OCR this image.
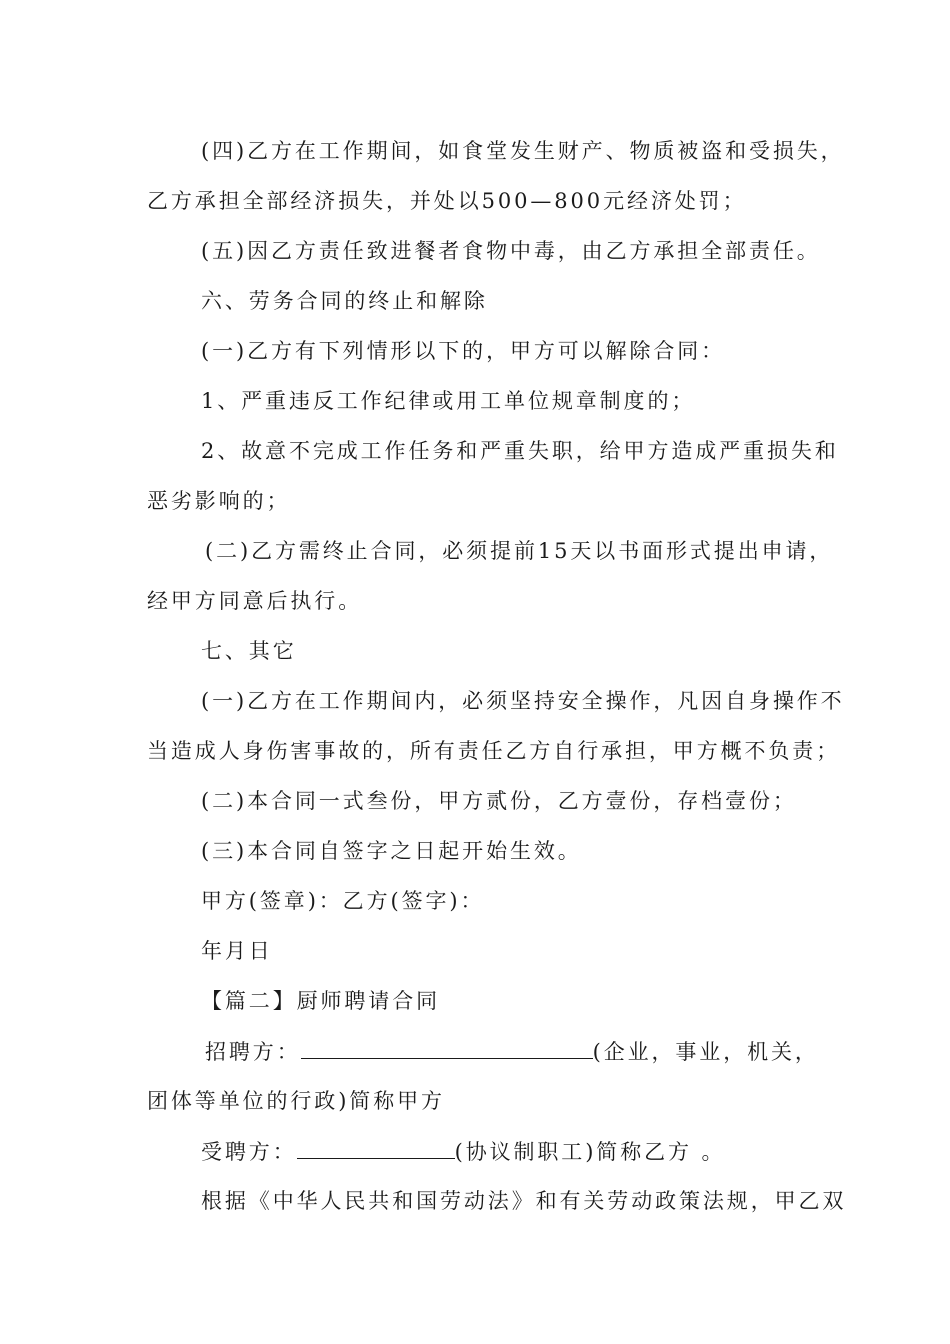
(四)乙方在工作期间，如食堂发生财产、物质被盗和受损失，
乙方承担全部经济损失，并处以500—800元经济处罚；
(五)因乙方责任致进餐者食物中毒，由乙方承担全部责任。
六、劳务合同的终止和解除
(一)乙方有下列情形以下的，甲方可以解除合同：
1、严重违反工作纪律或用工单位规章制度的；
2、故意不完成工作任务和严重失职，给甲方造成严重损失和
恶劣影响的；
(二)乙方需终止合同，必须提前15天以书面形式提出申请，
经甲方同意后执行。
七、其它
(一)乙方在工作期间内，必须坚持安全操作，凡因自身操作不
当造成人身伤害事故的，所有责任乙方自行承担，甲方概不负责；
(二)本合同一式叁份，甲方贰份，乙方壹份，存档壹份；
(三)本合同自签字之日起开始生效。
甲方(签章)：乙方(签字)：
年月日
【篇二】厨师聘请合同
招聘方：	(企业，事业，机关，
团体等单位的行政)简称甲方
受聘方：	(协议制职工)简称乙方 。
根据《中华人民共和国劳动法》和有关劳动政策法规，甲乙双
